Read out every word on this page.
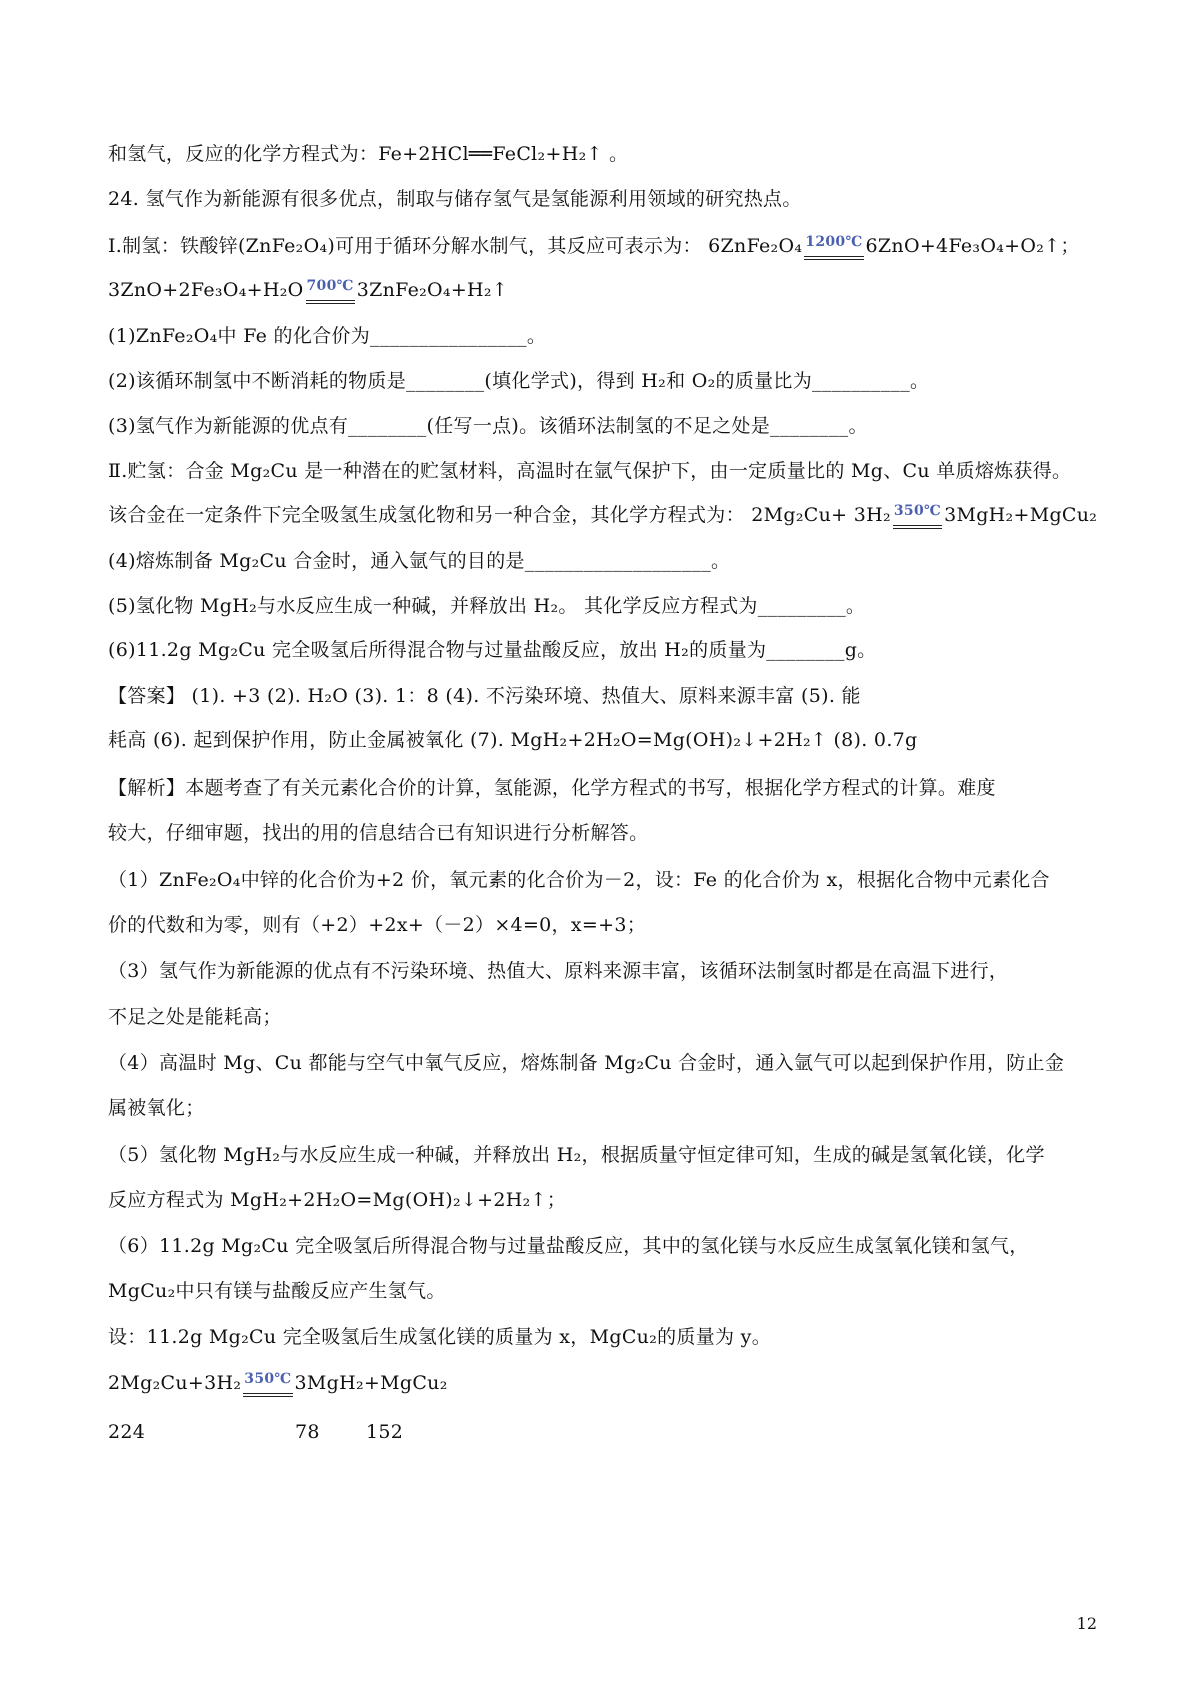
和氢气，反应的化学方程式为：Fe+2HCl══FeCl₂+H₂↑ 。
24. 氢气作为新能源有很多优点，制取与储存氢气是氢能源利用领域的研究热点。
I.制氢：铁酸锌(ZnFe₂O₄)可用于循环分解水制气，其反应可表示为： 6ZnFe₂O₄ 1200℃ 6ZnO+4Fe₃O₄+O₂↑；
3ZnO+2Fe₃O₄+H₂O 700℃ 3ZnFe₂O₄+H₂↑
(1)ZnFe₂O₄中 Fe 的化合价为________________。
(2)该循环制氢中不断消耗的物质是________(填化学式)，得到 H₂和 O₂的质量比为__________。
(3)氢气作为新能源的优点有________(任写一点)。该循环法制氢的不足之处是________。
Ⅱ.贮氢：合金 Mg₂Cu 是一种潜在的贮氢材料，高温时在氩气保护下，由一定质量比的 Mg、Cu 单质熔炼获得。
该合金在一定条件下完全吸氢生成氢化物和另一种合金，其化学方程式为： 2Mg₂Cu+ 3H₂ 350℃ 3MgH₂+MgCu₂
(4)熔炼制备 Mg₂Cu 合金时，通入氩气的目的是___________________。
(5)氢化物 MgH₂与水反应生成一种碱，并释放出 H₂。 其化学反应方程式为_________。
(6)11.2g Mg₂Cu 完全吸氢后所得混合物与过量盐酸反应，放出 H₂的质量为________g。
【答案】 (1). +3 (2). H₂O (3). 1：8 (4). 不污染环境、热值大、原料来源丰富 (5). 能
耗高 (6). 起到保护作用，防止金属被氧化 (7). MgH₂+2H₂O=Mg(OH)₂↓+2H₂↑ (8). 0.7g
【解析】本题考查了有关元素化合价的计算，氢能源，化学方程式的书写，根据化学方程式的计算。难度
较大，仔细审题，找出的用的信息结合已有知识进行分析解答。
（1）ZnFe₂O₄中锌的化合价为+2 价，氧元素的化合价为－2，设：Fe 的化合价为 x，根据化合物中元素化合
价的代数和为零，则有（+2）+2x+（－2）×4=0，x=+3；
（3）氢气作为新能源的优点有不污染环境、热值大、原料来源丰富，该循环法制氢时都是在高温下进行，
不足之处是能耗高；
（4）高温时 Mg、Cu 都能与空气中氧气反应，熔炼制备 Mg₂Cu 合金时，通入氩气可以起到保护作用，防止金
属被氧化；
（5）氢化物 MgH₂与水反应生成一种碱，并释放出 H₂，根据质量守恒定律可知，生成的碱是氢氧化镁，化学
反应方程式为 MgH₂+2H₂O=Mg(OH)₂↓+2H₂↑；
（6）11.2g Mg₂Cu 完全吸氢后所得混合物与过量盐酸反应，其中的氢化镁与水反应生成氢氧化镁和氢气，
MgCu₂中只有镁与盐酸反应产生氢气。
设：11.2g Mg₂Cu 完全吸氢后生成氢化镁的质量为 x，MgCu₂的质量为 y。
2Mg₂Cu+3H₂ 350℃ 3MgH₂+MgCu₂
224	78 152
12
